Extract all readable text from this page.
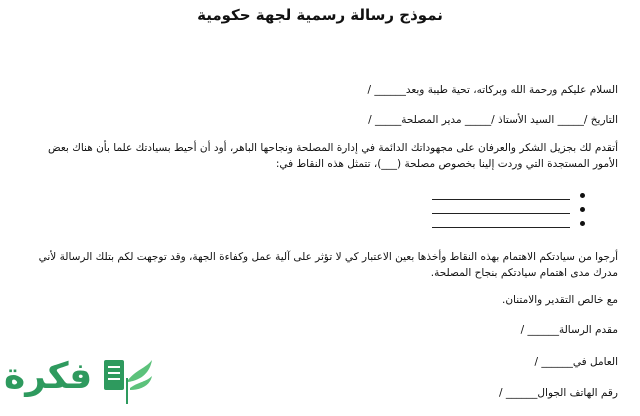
نموذج رسالة رسمية لجهة حكومية
السلام عليكم ورحمة الله وبركاته، تحية طيبة وبعد______ /
التاريخ /_____ السيد الأستاذ /_____ مدير المصلحة_____ /
أتقدم لك بجزيل الشكر والعرفان على مجهوداتك الدائمة في إدارة المصلحة ونجاحها الباهر، أود أن أحيط بسيادتك علما بأن هناك بعض الأمور المستجدة التي وردت إلينا بخصوص مصلحة (___)، تتمثل هذه النقاط في:
أرجوا من سيادتكم الاهتمام بهذه النقاط وأخذها بعين الاعتبار كي لا تؤثر على آلية عمل وكفاءة الجهة، وقد توجهت لكم بتلك الرسالة لأني مدرك مدى اهتمام سيادتكم بنجاح المصلحة.
مع خالص التقدير والامتنان.
مقدم الرسالة______ /
العامل في______ /
رقم الهاتف الجوال______ /
فكرة
